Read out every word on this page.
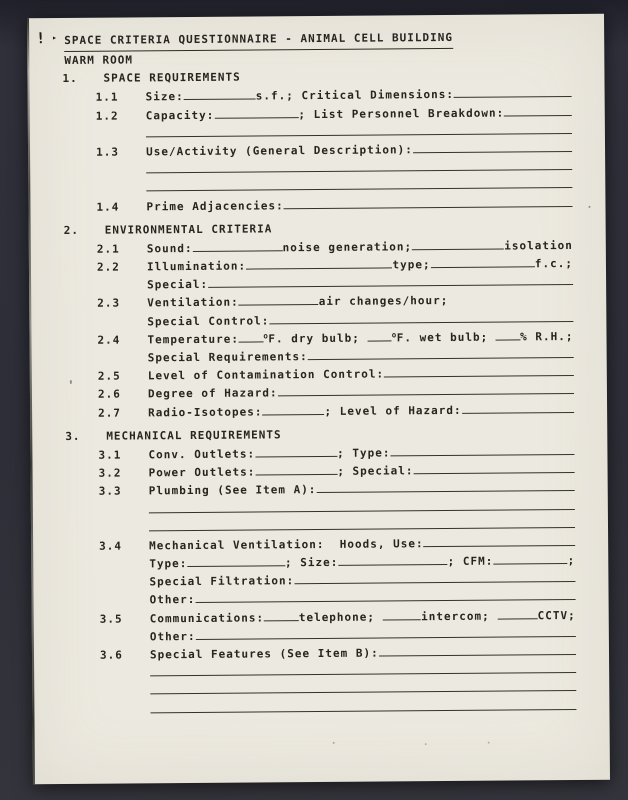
! ▸ SPACE CRITERIA QUESTIONNAIRE - ANIMAL CELL BUILDING
WARM ROOM
1.	SPACE REQUIREMENTS
1.1	Size:	s.f.; Critical Dimensions:
1.2	Capacity:	; List Personnel Breakdown:
1.3	Use/Activity (General Description):
1.4	Prime Adjacencies:
2.	ENVIRONMENTAL CRITERIA
2.1	Sound:	noise generation;	isolation
2.2	Illumination:	type;	f.c.;
Special:
2.3	Ventilation:	air changes/hour;
Special Control:
2.4	Temperature:	o F. dry bulb;	o F. wet bulb; % R.H.;
Special Requirements:
2.5	Level of Contamination Control:
2.6	Degree of Hazard:
2.7	Radio-Isotopes:	; Level of Hazard:
3.	MECHANICAL REQUIREMENTS
3.1	Conv. Outlets:	; Type:
3.2	Power Outlets:	; Special:
3.3	Plumbing (See Item A):
3.4	Mechanical Ventilation:  Hoods, Use:
Type:	; Size:	; CFM:	;
Special Filtration:
Other:
3.5	Communications:	telephone;	intercom;	CCTV;
Other:
3.6	Special Features (See Item B):
